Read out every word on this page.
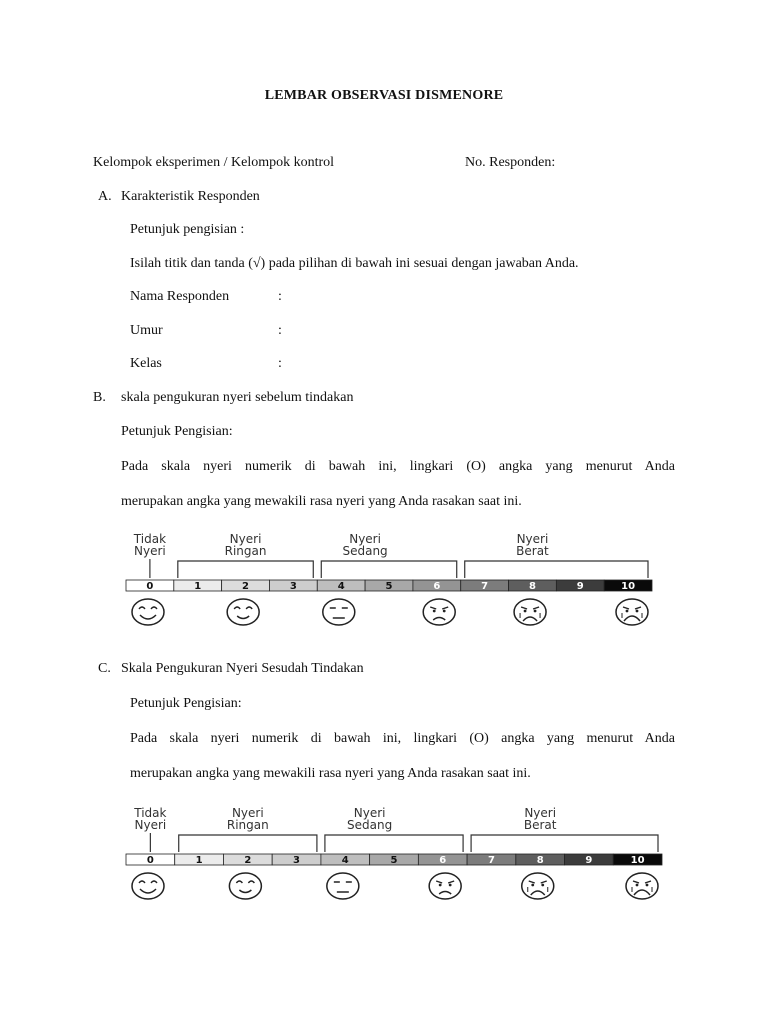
LEMBAR OBSERVASI DISMENORE
Kelompok eksperimen / Kelompok kontrol	No. Responden:
A. Karakteristik Responden
Petunjuk pengisian :
Isilah titik dan tanda (√) pada pilihan di bawah ini sesuai dengan jawaban Anda.
Nama Responden	:
Umur	:
Kelas	:
B. skala pengukuran nyeri sebelum tindakan
Petunjuk Pengisian:
Pada skala nyeri numerik di bawah ini, lingkari (O) angka yang menurut Anda
merupakan angka yang mewakili rasa nyeri yang Anda rasakan saat ini.
Tidak
Nyeri
Nyeri
Ringan
Nyeri
Sedang
Nyeri
Berat
0	1	2	3	4	5	6	7	8	9	10
C. Skala Pengukuran Nyeri Sesudah Tindakan
Petunjuk Pengisian:
Pada skala nyeri numerik di bawah ini, lingkari (O) angka yang menurut Anda
merupakan angka yang mewakili rasa nyeri yang Anda rasakan saat ini.
Tidak
Nyeri
Nyeri
Ringan
Nyeri
Sedang
Nyeri
Berat
0	1	2	3	4	5	6	7	8	9	10
